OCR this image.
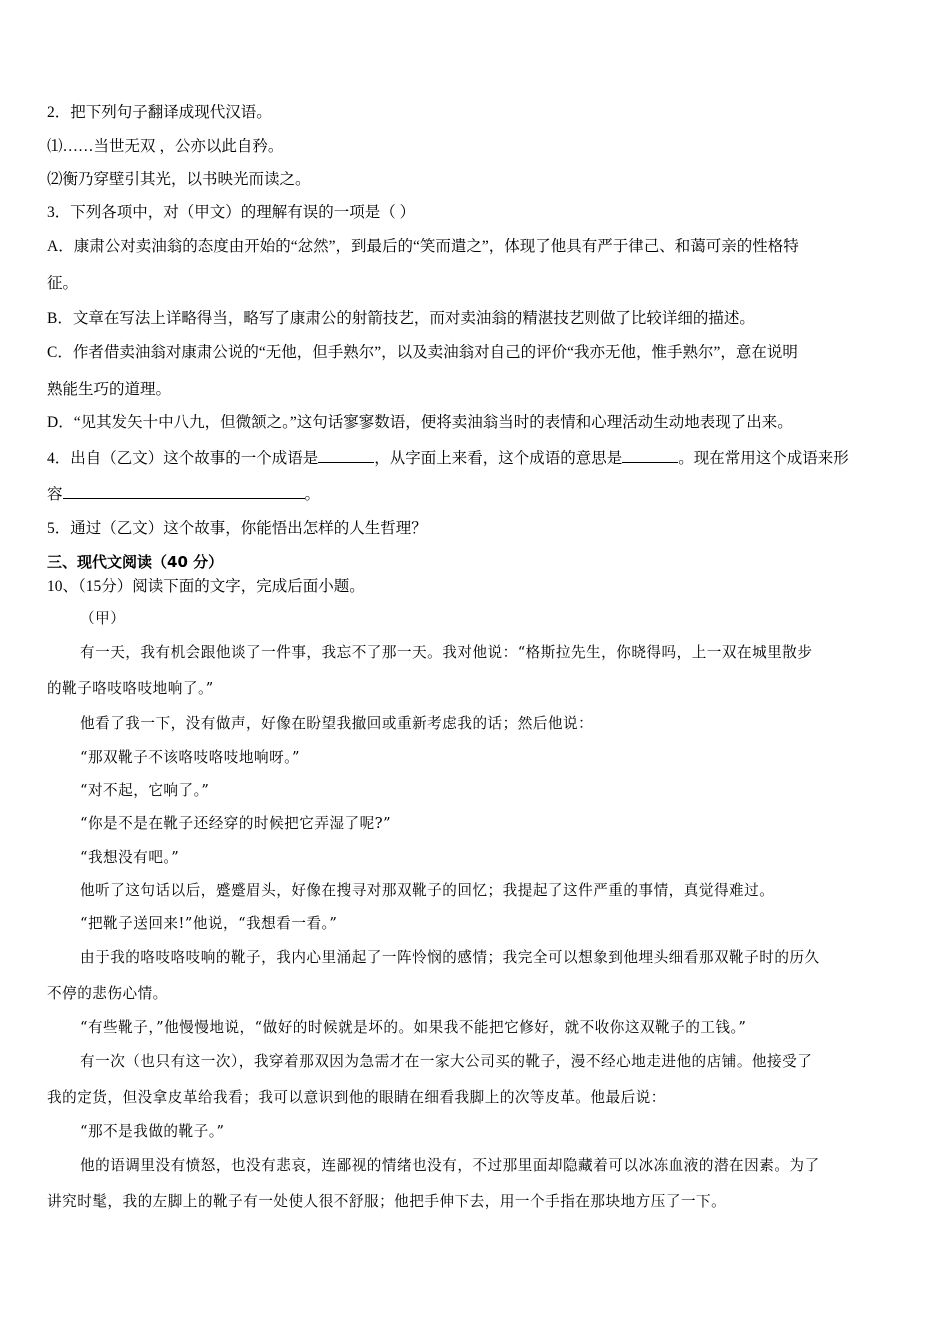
2．把下列句子翻译成现代汉语。
⑴……当世无双 ，公亦以此自矜。
⑵衡乃穿壁引其光，以书映光而读之。
3．下列各项中，对（甲文）的理解有误的一项是（ ）
A．康肃公对卖油翁的态度由开始的“忿然”，到最后的“笑而遣之”，体现了他具有严于律己、和蔼可亲的性格特
征。
B．文章在写法上详略得当，略写了康肃公的射箭技艺，而对卖油翁的精湛技艺则做了比较详细的描述。
C．作者借卖油翁对康肃公说的“无他，但手熟尔”，以及卖油翁对自己的评价“我亦无他，惟手熟尔”，意在说明
熟能生巧的道理。
D．“见其发矢十中八九，但微颔之。”这句话寥寥数语，便将卖油翁当时的表情和心理活动生动地表现了出来。
4．出自（乙文）这个故事的一个成语是	，从字面上来看，这个成语的意思是	。现在常用这个成语来形
容	。
5．通过（乙文）这个故事，你能悟出怎样的人生哲理？
三、现代文阅读（40 分）
10、（15分）阅读下面的文字，完成后面小题。
（甲）
有一天，我有机会跟他谈了一件事，我忘不了那一天。我对他说：“格斯拉先生，你晓得吗，上一双在城里散步
的靴子咯吱咯吱地响了。”
他看了我一下，没有做声，好像在盼望我撤回或重新考虑我的话；然后他说：
“那双靴子不该咯吱咯吱地响呀。”
“对不起，它响了。”
“你是不是在靴子还经穿的时候把它弄湿了呢?”
“我想没有吧。”
他听了这句话以后，蹙蹙眉头，好像在搜寻对那双靴子的回忆；我提起了这件严重的事情，真觉得难过。
“把靴子送回来!”他说，“我想看一看。”
由于我的咯吱咯吱响的靴子，我内心里涌起了一阵怜悯的感情；我完全可以想象到他埋头细看那双靴子时的历久
不停的悲伤心情。
“有些靴子，”他慢慢地说，“做好的时候就是坏的。如果我不能把它修好，就不收你这双靴子的工钱。”
有一次（也只有这一次），我穿着那双因为急需才在一家大公司买的靴子，漫不经心地走进他的店铺。他接受了
我的定货，但没拿皮革给我看；我可以意识到他的眼睛在细看我脚上的次等皮革。他最后说：
“那不是我做的靴子。”
他的语调里没有愤怒，也没有悲哀，连鄙视的情绪也没有，不过那里面却隐藏着可以冰冻血液的潜在因素。为了
讲究时髦，我的左脚上的靴子有一处使人很不舒服；他把手伸下去，用一个手指在那块地方压了一下。
